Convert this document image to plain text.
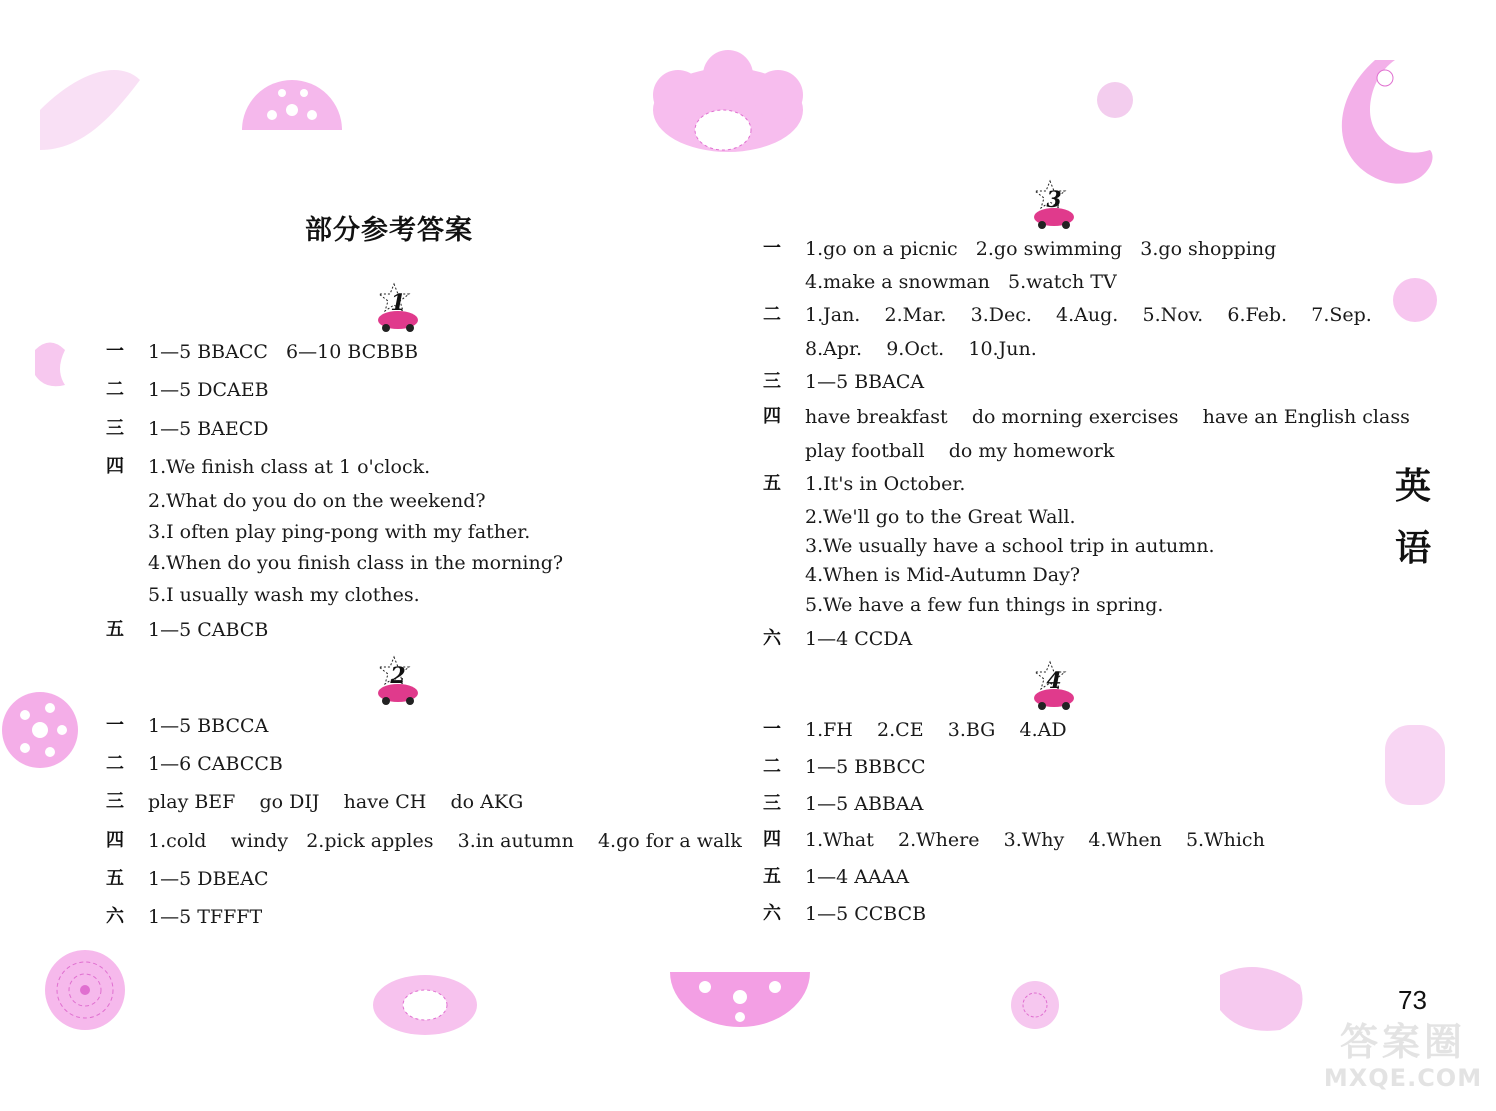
部分参考答案
1
2
3
4
一 1—5 BBACC   6—10 BCBBB
二 1—5 DCAEB
三 1—5 BAECD
四 1.We finish class at 1 o'clock.
2.What do you do on the weekend?
3.I often play ping-pong with my father.
4.When do you finish class in the morning?
5.I usually wash my clothes.
五 1—5 CABCB
一 1—5 BBCCA
二 1—6 CABCCB
三 play BEF    go DIJ    have CH    do AKG
四 1.cold    windy   2.pick apples    3.in autumn    4.go for a walk
五 1—5 DBEAC
六 1—5 TFFFT
一 1.go on a picnic   2.go swimming   3.go shopping
4.make a snowman   5.watch TV
二 1.Jan.    2.Mar.    3.Dec.    4.Aug.    5.Nov.    6.Feb.    7.Sep.
8.Apr.    9.Oct.    10.Jun.
三 1—5 BBACA
四 have breakfast    do morning exercises    have an English class
play football    do my homework
五 1.It's in October.
2.We'll go to the Great Wall.
3.We usually have a school trip in autumn.
4.When is Mid-Autumn Day?
5.We have a few fun things in spring.
六 1—4 CCDA
一 1.FH    2.CE    3.BG    4.AD
二 1—5 BBBCC
三 1—5 ABBAA
四 1.What    2.Where    3.Why    4.When    5.Which
五 1—4 AAAA
六 1—5 CCBCB
英
语
73
答案圈
MXQE.COM
